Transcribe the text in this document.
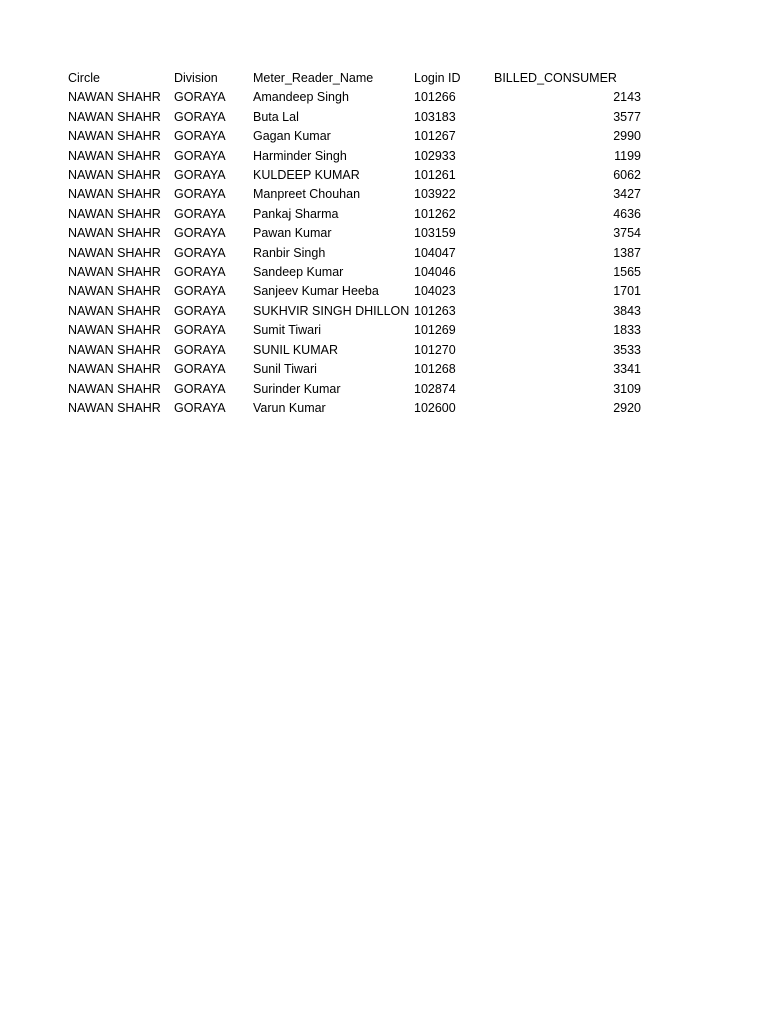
Circle	Division	Meter_Reader_Name	Login ID	BILLED_CONSUMER
NAWAN SHAHR	GORAYA	Amandeep Singh	101266	2143
NAWAN SHAHR	GORAYA	Buta Lal	103183	3577
NAWAN SHAHR	GORAYA	Gagan Kumar	101267	2990
NAWAN SHAHR	GORAYA	Harminder Singh	102933	1199
NAWAN SHAHR	GORAYA	KULDEEP KUMAR	101261	6062
NAWAN SHAHR	GORAYA	Manpreet Chouhan	103922	3427
NAWAN SHAHR	GORAYA	Pankaj Sharma	101262	4636
NAWAN SHAHR	GORAYA	Pawan Kumar	103159	3754
NAWAN SHAHR	GORAYA	Ranbir Singh	104047	1387
NAWAN SHAHR	GORAYA	Sandeep Kumar	104046	1565
NAWAN SHAHR	GORAYA	Sanjeev Kumar Heeba	104023	1701
NAWAN SHAHR	GORAYA	SUKHVIR SINGH DHILLON	101263	3843
NAWAN SHAHR	GORAYA	Sumit Tiwari	101269	1833
NAWAN SHAHR	GORAYA	SUNIL KUMAR	101270	3533
NAWAN SHAHR	GORAYA	Sunil Tiwari	101268	3341
NAWAN SHAHR	GORAYA	Surinder Kumar	102874	3109
NAWAN SHAHR	GORAYA	Varun Kumar	102600	2920
